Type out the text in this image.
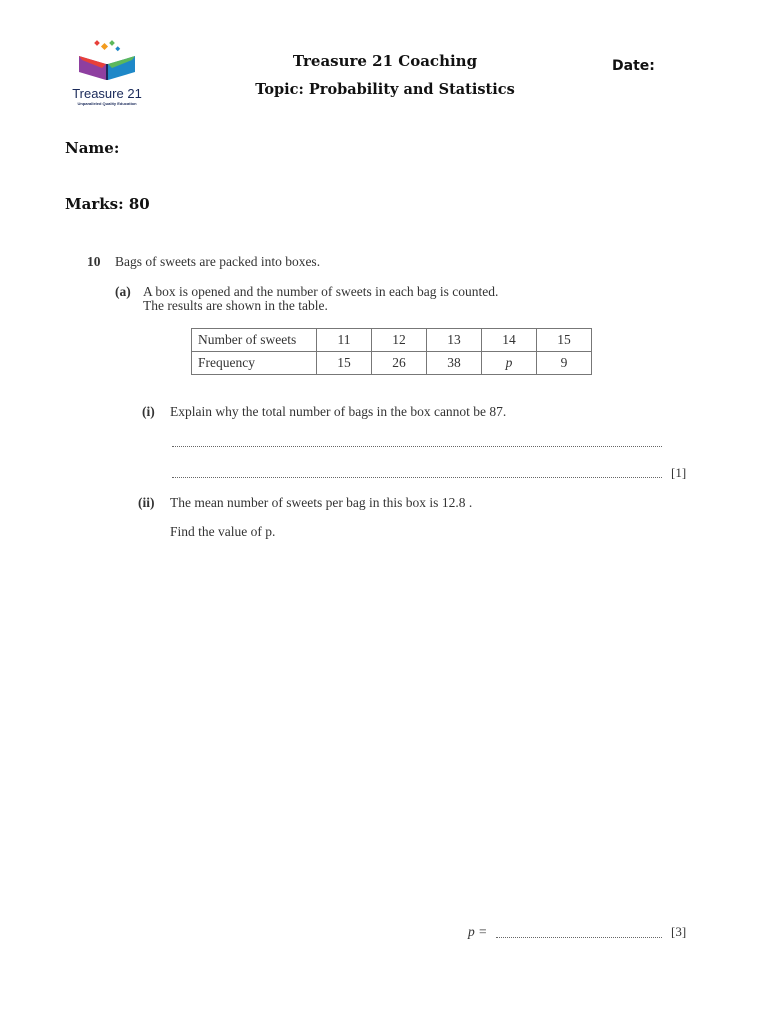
Treasure 21
Unparalleled Quality Education
Treasure 21 Coaching
Topic: Probability and Statistics
Date:
Name:
Marks: 80
10 Bags of sweets are packed into boxes.
(a) A box is opened and the number of sweets in each bag is counted.
The results are shown in the table.
Number of sweets	11	12	13	14	15
Frequency	15	26	38	p	9
(i) Explain why the total number of bags in the box cannot be 87.
[1]
(ii) The mean number of sweets per bag in this box is 12.8 .
Find the value of p.
p =	[3]
